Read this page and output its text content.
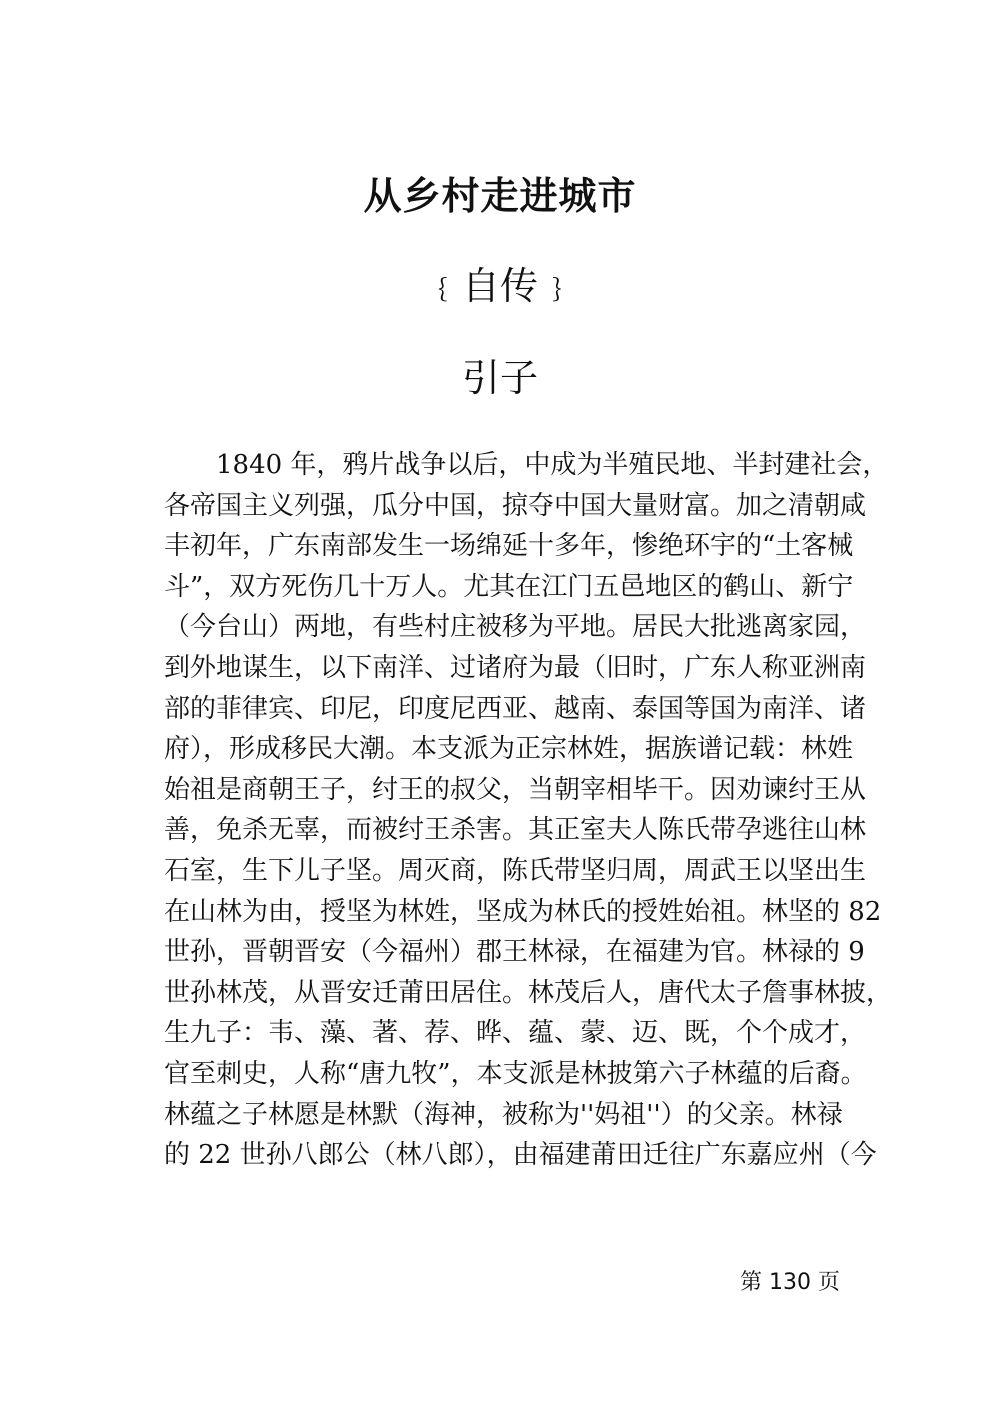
从乡村走进城市
﹛自传﹜
引子
1840 年，鸦片战争以后，中成为半殖民地、半封建社会，
各帝国主义列强，瓜分中国，掠夺中国大量财富。加之清朝咸
丰初年，广东南部发生一场绵延十多年，惨绝环宇的“土客械
斗”，双方死伤几十万人。尤其在江门五邑地区的鹤山、新宁
（今台山）两地，有些村庄被移为平地。居民大批逃离家园，
到外地谋生，以下南洋、过诸府为最（旧时，广东人称亚洲南
部的菲律宾、印尼，印度尼西亚、越南、泰国等国为南洋、诸
府），形成移民大潮。本支派为正宗林姓，据族谱记载：林姓
始祖是商朝王子，纣王的叔父，当朝宰相毕干。因劝谏纣王从
善，免杀无辜，而被纣王杀害。其正室夫人陈氏带孕逃往山林
石室，生下儿子坚。周灭商，陈氏带坚归周，周武王以坚出生
在山林为由，授坚为林姓，坚成为林氏的授姓始祖。林坚的 82
世孙，晋朝晋安（今福州）郡王林禄，在福建为官。林禄的 9
世孙林茂，从晋安迁莆田居住。林茂后人，唐代太子詹事林披，
生九子：韦、藻、著、荐、晔、蕴、蒙、迈、既，个个成才，
官至刺史，人称“唐九牧”，本支派是林披第六子林蕴的后裔。
林蕴之子林愿是林默（海神，被称为''妈祖''）的父亲。林禄
的 22 世孙八郎公（林八郎），由福建莆田迁往广东嘉应州（今
第 130 页
